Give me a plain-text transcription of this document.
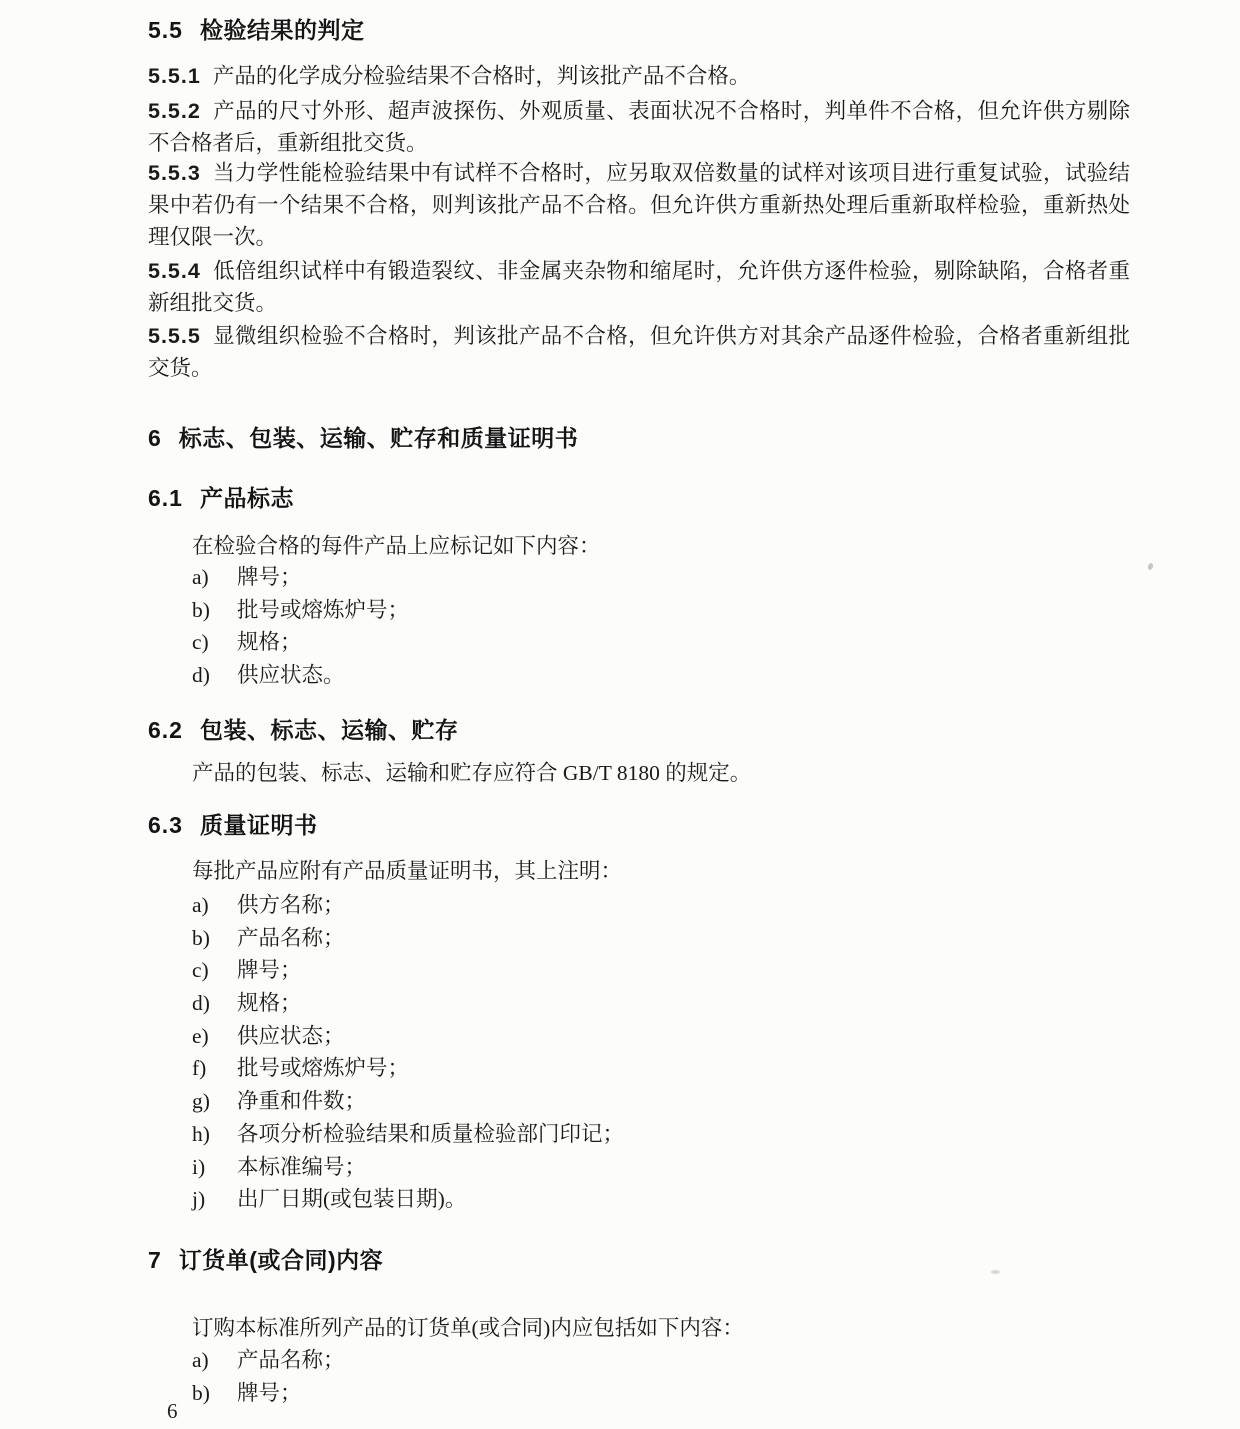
5.5 检验结果的判定
5.5.1 产品的化学成分检验结果不合格时，判该批产品不合格。
5.5.2 产品的尺寸外形、超声波探伤、外观质量、表面状况不合格时，判单件不合格，但允许供方剔除不合格者后，重新组批交货。
5.5.3 当力学性能检验结果中有试样不合格时，应另取双倍数量的试样对该项目进行重复试验，试验结果中若仍有一个结果不合格，则判该批产品不合格。但允许供方重新热处理后重新取样检验，重新热处理仅限一次。
5.5.4 低倍组织试样中有锻造裂纹、非金属夹杂物和缩尾时，允许供方逐件检验，剔除缺陷，合格者重新组批交货。
5.5.5 显微组织检验不合格时，判该批产品不合格，但允许供方对其余产品逐件检验，合格者重新组批交货。
6 标志、包装、运输、贮存和质量证明书
6.1 产品标志
在检验合格的每件产品上应标记如下内容：
a) 牌号；
b) 批号或熔炼炉号；
c) 规格；
d) 供应状态。
6.2 包装、标志、运输、贮存
产品的包装、标志、运输和贮存应符合 GB/T 8180 的规定。
6.3 质量证明书
每批产品应附有产品质量证明书，其上注明：
a) 供方名称；
b) 产品名称；
c) 牌号；
d) 规格；
e) 供应状态；
f) 批号或熔炼炉号；
g) 净重和件数；
h) 各项分析检验结果和质量检验部门印记；
i) 本标准编号；
j) 出厂日期(或包装日期)。
7 订货单(或合同)内容
订购本标准所列产品的订货单(或合同)内应包括如下内容：
a) 产品名称；
b) 牌号；
6
